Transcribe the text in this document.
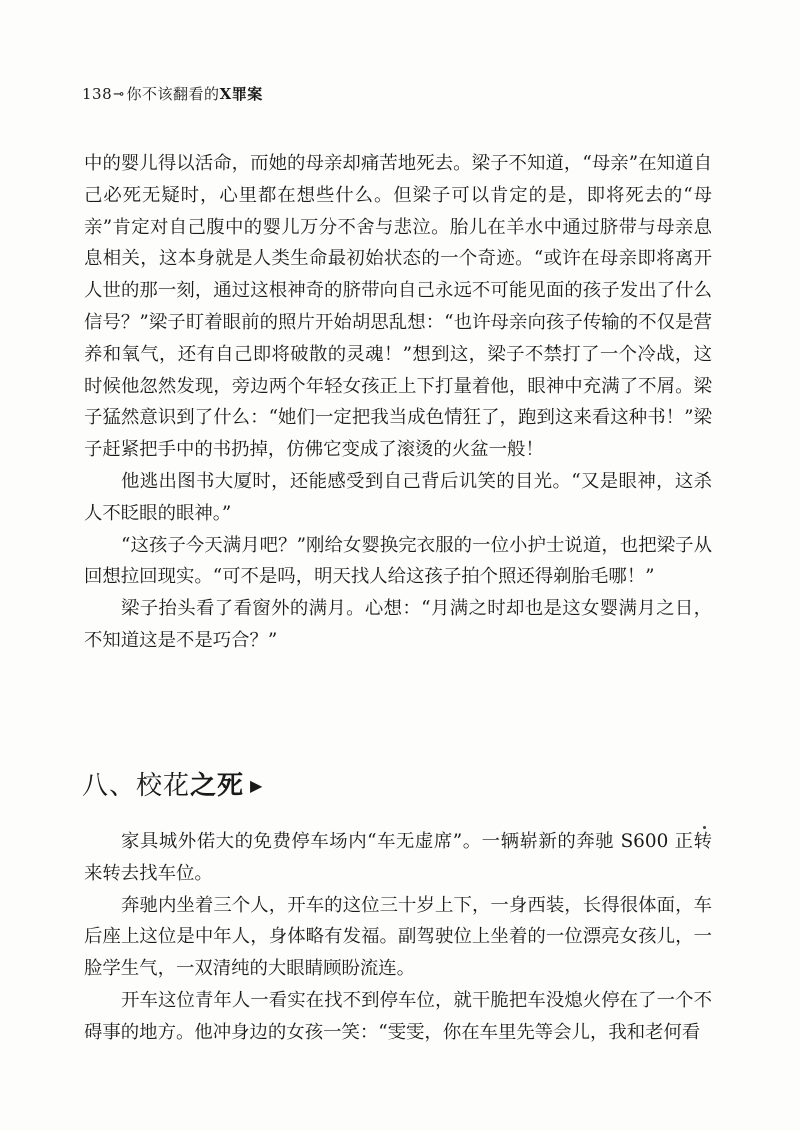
138⊸ 你不该翻看的X罪案

中的婴儿得以活命，而她的母亲却痛苦地死去。梁子不知道，“母亲”在知道自己必死无疑时，心里都在想些什么。但梁子可以肯定的是，即将死去的“母亲”肯定对自己腹中的婴儿万分不舍与悲泣。胎儿在羊水中通过脐带与母亲息息相关，这本身就是人类生命最初始状态的一个奇迹。“或许在母亲即将离开人世的那一刻，通过这根神奇的脐带向自己永远不可能见面的孩子发出了什么信号？”梁子盯着眼前的照片开始胡思乱想：“也许母亲向孩子传输的不仅是营养和氧气，还有自己即将破散的灵魂！”想到这，梁子不禁打了一个冷战，这时候他忽然发现，旁边两个年轻女孩正上下打量着他，眼神中充满了不屑。梁子猛然意识到了什么：“她们一定把我当成色情狂了，跑到这来看这种书！”梁子赶紧把手中的书扔掉，仿佛它变成了滚烫的火盆一般！

他逃出图书大厦时，还能感受到自己背后讥笑的目光。“又是眼神，这杀人不眨眼的眼神。”

“这孩子今天满月吧？”刚给女婴换完衣服的一位小护士说道，也把梁子从回想拉回现实。“可不是吗，明天找人给这孩子拍个照还得剃胎毛哪！”

梁子抬头看了看窗外的满月。心想：“月满之时却也是这女婴满月之日，不知道这是不是巧合？”

八、校花之死 ▶

家具城外偌大的免费停车场内“车无虚席”。一辆崭新的奔驰 S600 正转来转去找车位。

奔驰内坐着三个人，开车的这位三十岁上下，一身西装，长得很体面，车后座上这位是中年人，身体略有发福。副驾驶位上坐着的一位漂亮女孩儿，一脸学生气，一双清纯的大眼睛顾盼流连。

开车这位青年人一看实在找不到停车位，就干脆把车没熄火停在了一个不碍事的地方。他冲身边的女孩一笑：“雯雯，你在车里先等会儿，我和老何看
